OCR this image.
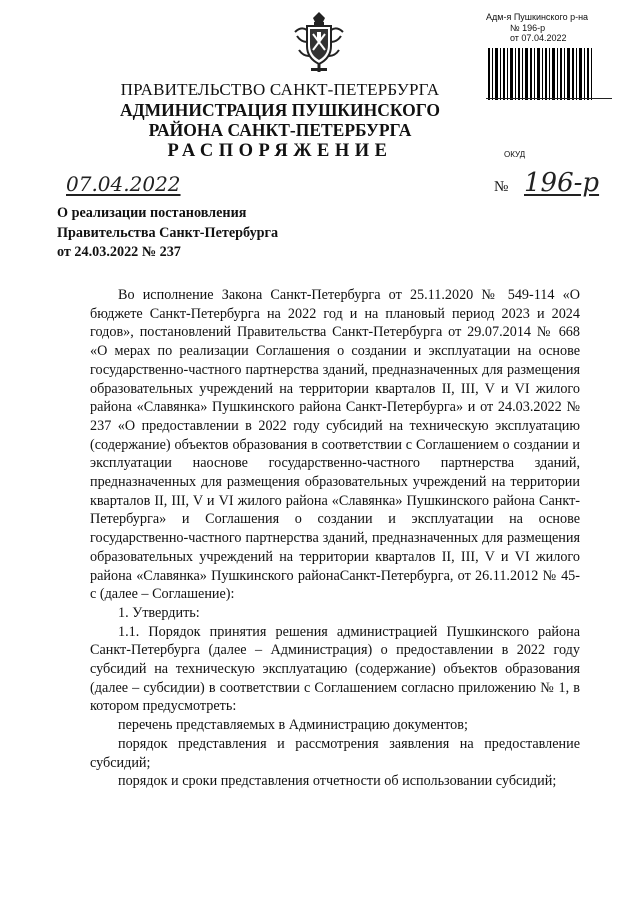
Адм-я Пушкинского р-на
№ 196-р
от 07.04.2022
ПРАВИТЕЛЬСТВО САНКТ-ПЕТЕРБУРГА
АДМИНИСТРАЦИЯ ПУШКИНСКОГО
РАЙОНА САНКТ-ПЕТЕРБУРГА
РАСПОРЯЖЕНИЕ	ОКУД
07.04.2022	№ 196-р
О реализации постановления
Правительства Санкт-Петербурга
от 24.03.2022 № 237

Во исполнение Закона Санкт-Петербурга от 25.11.2020 № 549-114 «О бюджете Санкт-Петербурга на 2022 год и на плановый период 2023 и 2024 годов», постановлений Правительства Санкт-Петербурга от 29.07.2014 № 668 «О мерах по реализации Соглашения о создании и эксплуатации на основе государственно-частного партнерства зданий, предназначенных для размещения образовательных учреждений на территории кварталов II, III, V и VI жилого района «Славянка» Пушкинского района Санкт-Петербурга» и от 24.03.2022 № 237 «О предоставлении в 2022 году субсидий на техническую эксплуатацию (содержание) объектов образования в соответствии с Соглашением о создании и эксплуатации наоснове государственно-частного партнерства зданий, предназначенных для размещения образовательных учреждений на территории кварталов II, III, V и VI жилого района «Славянка» Пушкинского района Санкт-Петербурга» и Соглашения о создании и эксплуатации на основе государственно-частного партнерства зданий, предназначенных для размещения образовательных учреждений на территории кварталов II, III, V и VI жилого района «Славянка» Пушкинского районаСанкт-Петербурга, от 26.11.2012 № 45-с (далее – Соглашение):

1. Утвердить:

1.1. Порядок принятия решения администрацией Пушкинского района Санкт-Петербурга (далее – Администрация) о предоставлении в 2022 году субсидий на техническую эксплуатацию (содержание) объектов образования (далее – субсидии) в соответствии с Соглашением согласно приложению № 1, в котором предусмотреть:

перечень представляемых в Администрацию документов;

порядок представления и рассмотрения заявления на предоставление субсидий;

порядок и сроки представления отчетности об использовании субсидий;
